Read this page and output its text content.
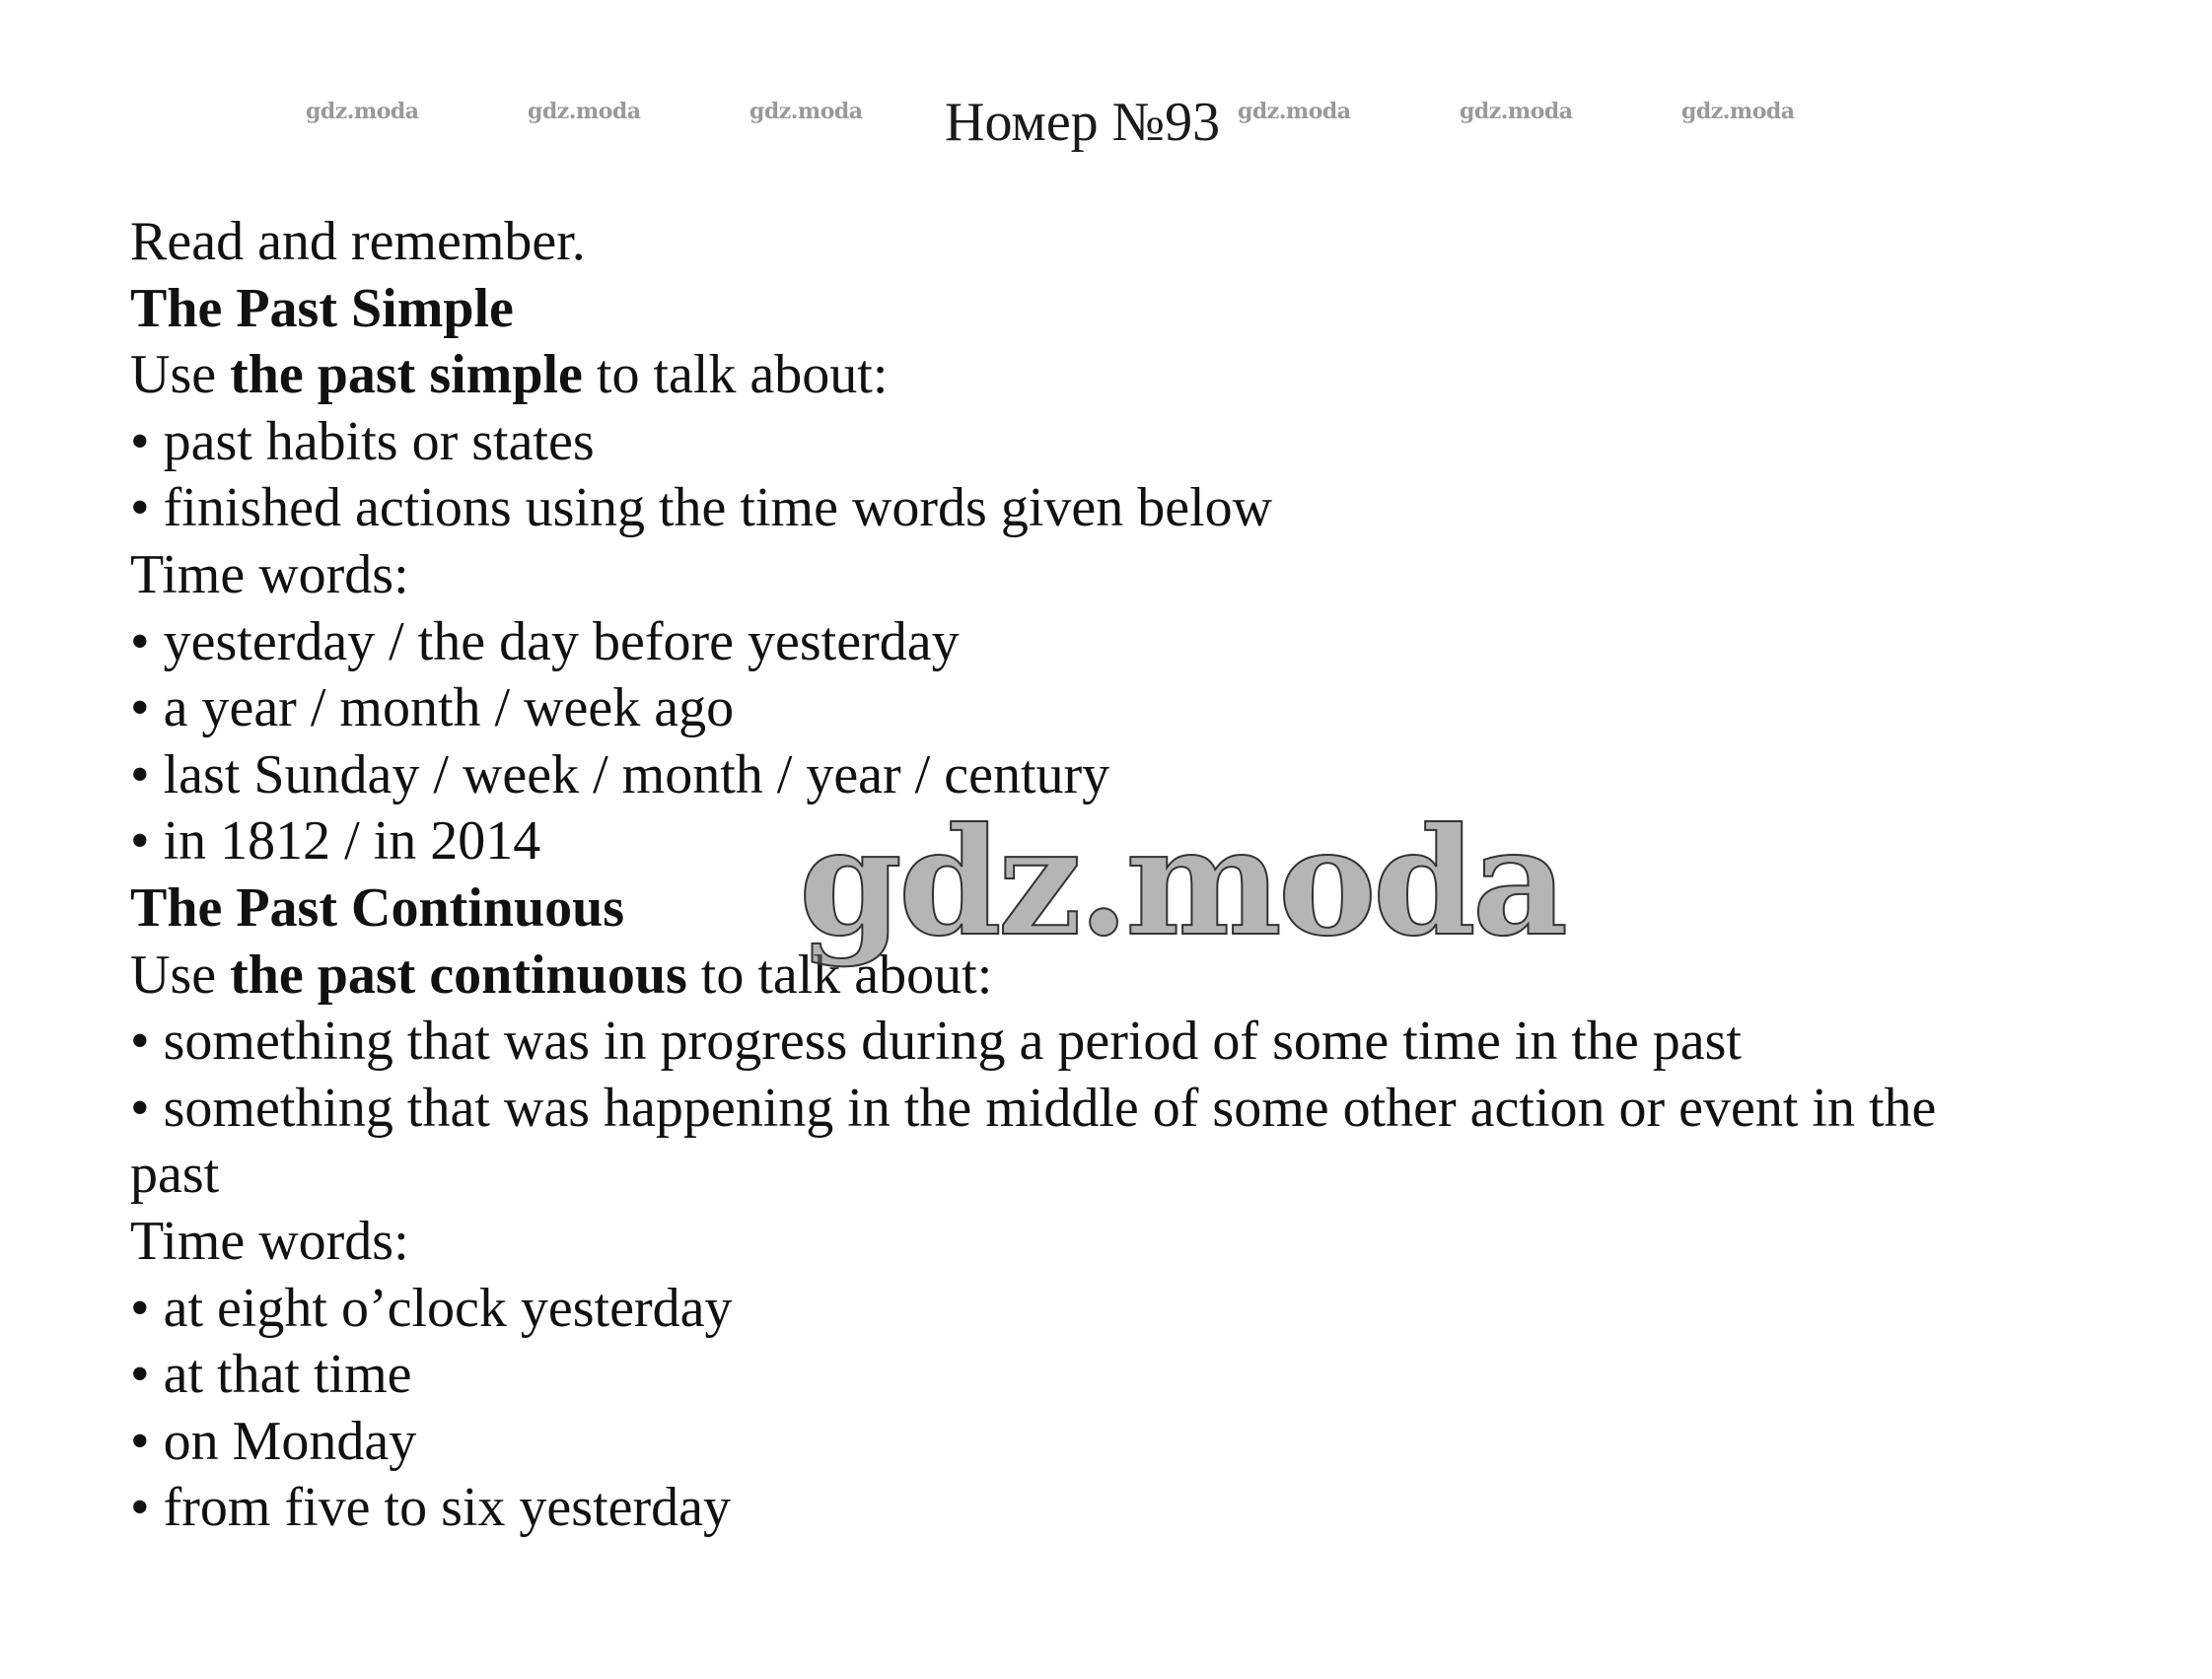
gdz.moda	gdz.moda	gdz.moda	gdz.moda	gdz.moda	gdz.moda
Номер №93
Read and remember.
The Past Simple
Use the past simple to talk about:
• past habits or states
• finished actions using the time words given below
Time words:
• yesterday / the day before yesterday
• a year / month / week ago
• last Sunday / week / month / year / century
• in 1812 / in 2014
The Past Continuous
Use the past continuous to talk about:
• something that was in progress during a period of some time in the past
• something that was happening in the middle of some other action or event in the past
Time words:
• at eight o’clock yesterday
• at that time
• on Monday
• from five to six yesterday
gdz.moda
